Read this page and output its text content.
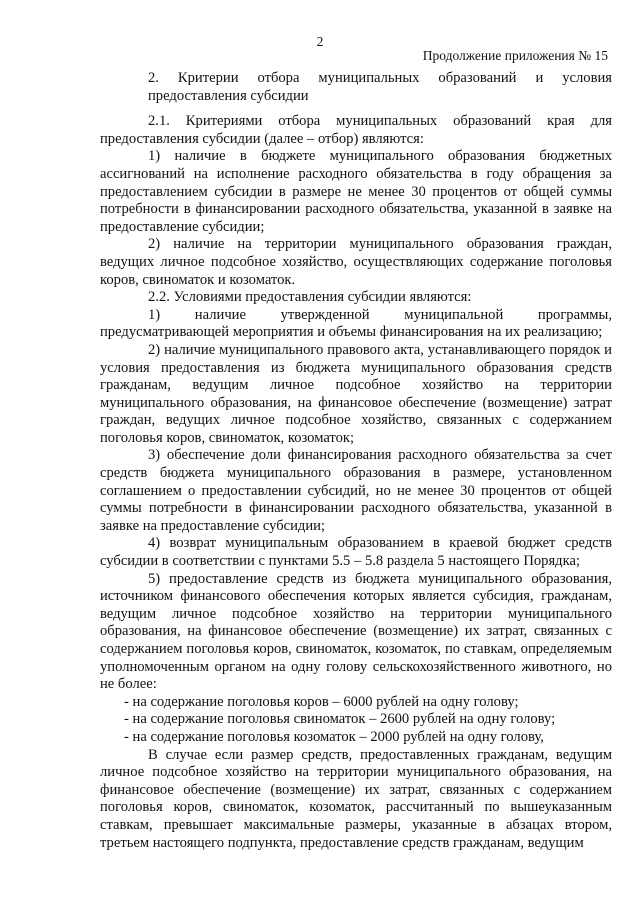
2
Продолжение приложения № 15

2. Критерии отбора муниципальных образований и условия предоставления субсидии

2.1. Критериями отбора муниципальных образований края для предоставления субсидии (далее – отбор) являются:

1) наличие в бюджете муниципального образования бюджетных ассигнований на исполнение расходного обязательства в году обращения за предоставлением субсидии в размере не менее 30 процентов от общей суммы потребности в финансировании расходного обязательства, указанной в заявке на предоставление субсидии;

2) наличие на территории муниципального образования граждан, ведущих личное подсобное хозяйство, осуществляющих содержание поголовья коров, свиноматок и козоматок.

2.2. Условиями предоставления субсидии являются:

1) наличие утвержденной муниципальной программы, предусматривающей мероприятия и объемы финансирования на их реализацию;

2) наличие муниципального правового акта, устанавливающего порядок и условия предоставления из бюджета муниципального образования средств гражданам, ведущим личное подсобное хозяйство на территории муниципального образования, на финансовое обеспечение (возмещение) затрат граждан, ведущих личное подсобное хозяйство, связанных с содержанием поголовья коров, свиноматок, козоматок;

3) обеспечение доли финансирования расходного обязательства за счет средств бюджета муниципального образования в размере, установленном соглашением о предоставлении субсидий, но не менее 30 процентов от общей суммы потребности в финансировании расходного обязательства, указанной в заявке на предоставление субсидии;

4) возврат муниципальным образованием в краевой бюджет средств субсидии в соответствии с пунктами 5.5 – 5.8 раздела 5 настоящего Порядка;

5) предоставление средств из бюджета муниципального образования, источником финансового обеспечения которых является субсидия, гражданам, ведущим личное подсобное хозяйство на территории муниципального образования, на финансовое обеспечение (возмещение) их затрат, связанных с содержанием поголовья коров, свиноматок, козоматок, по ставкам, определяемым уполномоченным органом на одну голову сельскохозяйственного животного, но не более:

- на содержание поголовья коров – 6000 рублей на одну голову;

- на содержание поголовья свиноматок – 2600 рублей на одну голову;

- на содержание поголовья козоматок – 2000 рублей на одну голову,

В случае если размер средств, предоставленных гражданам, ведущим личное подсобное хозяйство на территории муниципального образования, на финансовое обеспечение (возмещение) их затрат, связанных с содержанием поголовья коров, свиноматок, козоматок, рассчитанный по вышеуказанным ставкам, превышает максимальные размеры, указанные в абзацах втором, третьем настоящего подпункта, предоставление средств гражданам, ведущим
